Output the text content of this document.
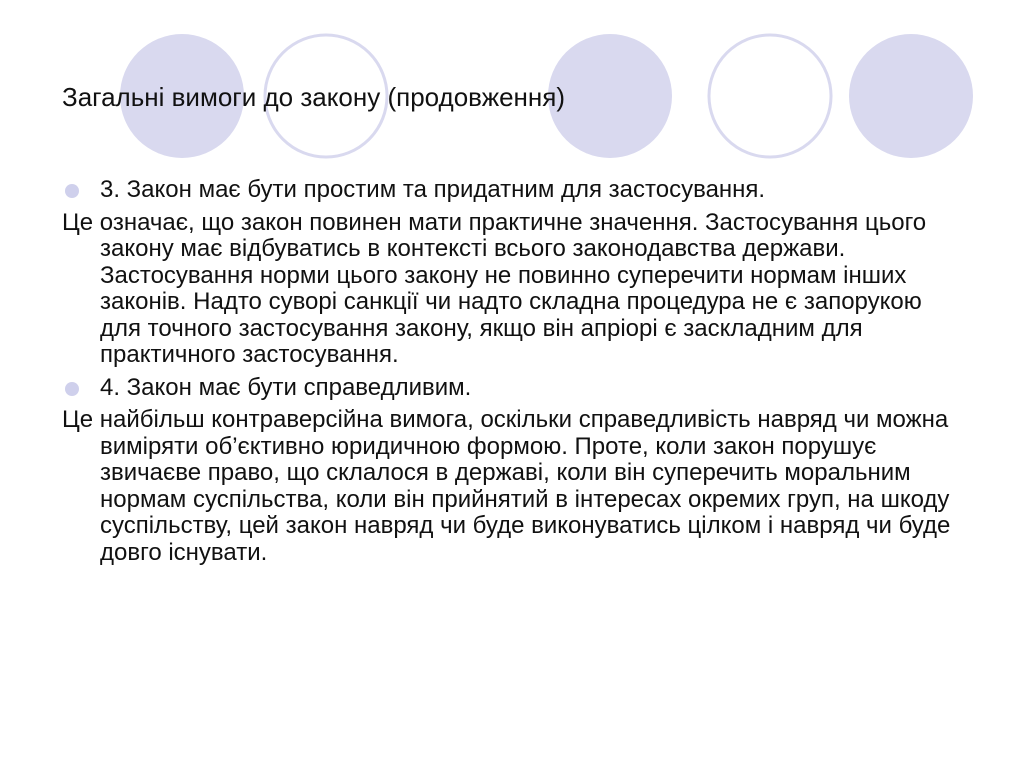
Загальні вимоги до закону (продовження)
3. Закон має бути простим та придатним для застосування.

Це означає, що закон повинен мати практичне значення. Застосування цього закону має відбуватись в контексті всього законодавства держави. Застосування норми цього закону не повинно суперечити нормам інших законів. Надто суворі санкції чи надто складна процедура не є запорукою для точного застосування закону, якщо він апріорі є заскладним для практичного застосування.

4. Закон має бути справедливим.

Це найбільш контраверсійна вимога, оскільки справедливість навряд чи можна виміряти об’єктивно юридичною формою. Проте, коли закон порушує звичаєве право, що склалося в державі, коли він суперечить моральним нормам суспільства, коли він прийнятий в інтересах окремих груп, на шкоду суспільству, цей закон навряд чи буде виконуватись цілком і навряд чи буде довго існувати.
